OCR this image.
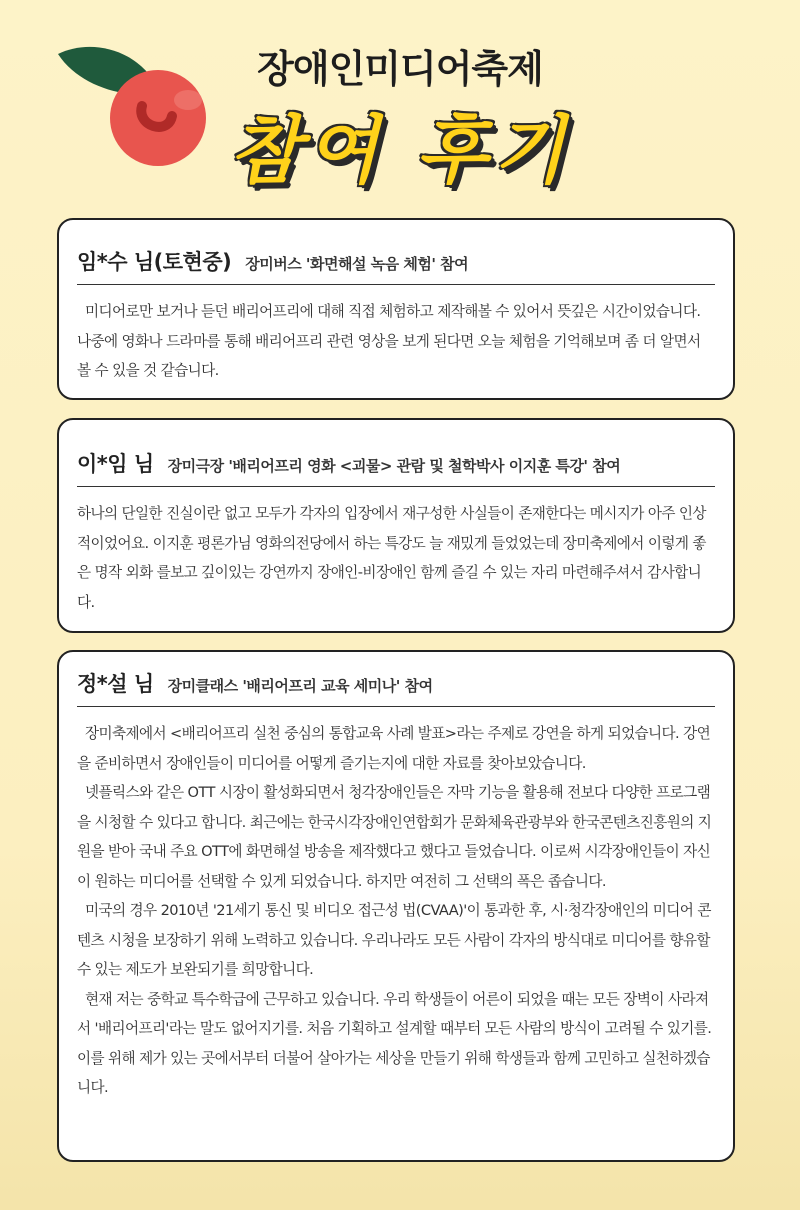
장애인미디어축제
참여 후기
임*수 님(토현중) 장미버스 '화면해설 녹음 체험' 참여

미디어로만 보거나 듣던 배리어프리에 대해 직접 체험하고 제작해볼 수 있어서 뜻깊은 시간이었습니다. 나중에 영화나 드라마를 통해 배리어프리 관련 영상을 보게 된다면 오늘 체험을 기억해보며 좀 더 알면서 볼 수 있을 것 같습니다.

이*임 님 장미극장 '배리어프리 영화 <괴물> 관람 및 철학박사 이지훈 특강' 참여

하나의 단일한 진실이란 없고 모두가 각자의 입장에서 재구성한 사실들이 존재한다는 메시지가 아주 인상적이었어요. 이지훈 평론가님 영화의전당에서 하는 특강도 늘 재밌게 들었었는데 장미축제에서 이렇게 좋은 명작 외화 를보고 깊이있는 강연까지 장애인-비장애인 함께 즐길 수 있는 자리 마련해주셔서 감사합니다.

정*설 님 장미클래스 '배리어프리 교육 세미나' 참여

장미축제에서 <배리어프리 실천 중심의 통합교육 사례 발표>라는 주제로 강연을 하게 되었습니다. 강연을 준비하면서 장애인들이 미디어를 어떻게 즐기는지에 대한 자료를 찾아보았습니다.

넷플릭스와 같은 OTT 시장이 활성화되면서 청각장애인들은 자막 기능을 활용해 전보다 다양한 프로그램을 시청할 수 있다고 합니다. 최근에는 한국시각장애인연합회가 문화체육관광부와 한국콘텐츠진흥원의 지원을 받아 국내 주요 OTT에 화면해설 방송을 제작했다고 했다고 들었습니다. 이로써 시각장애인들이 자신이 원하는 미디어를 선택할 수 있게 되었습니다. 하지만 여전히 그 선택의 폭은 좁습니다.

미국의 경우 2010년 '21세기 통신 및 비디오 접근성 법(CVAA)'이 통과한 후, 시·청각장애인의 미디어 콘텐츠 시청을 보장하기 위해 노력하고 있습니다. 우리나라도 모든 사람이 각자의 방식대로 미디어를 향유할 수 있는 제도가 보완되기를 희망합니다.

현재 저는 중학교 특수학급에 근무하고 있습니다. 우리 학생들이 어른이 되었을 때는 모든 장벽이 사라져서 '배리어프리'라는 말도 없어지기를. 처음 기획하고 설계할 때부터 모든 사람의 방식이 고려될 수 있기를. 이를 위해 제가 있는 곳에서부터 더불어 살아가는 세상을 만들기 위해 학생들과 함께 고민하고 실천하겠습니다.
